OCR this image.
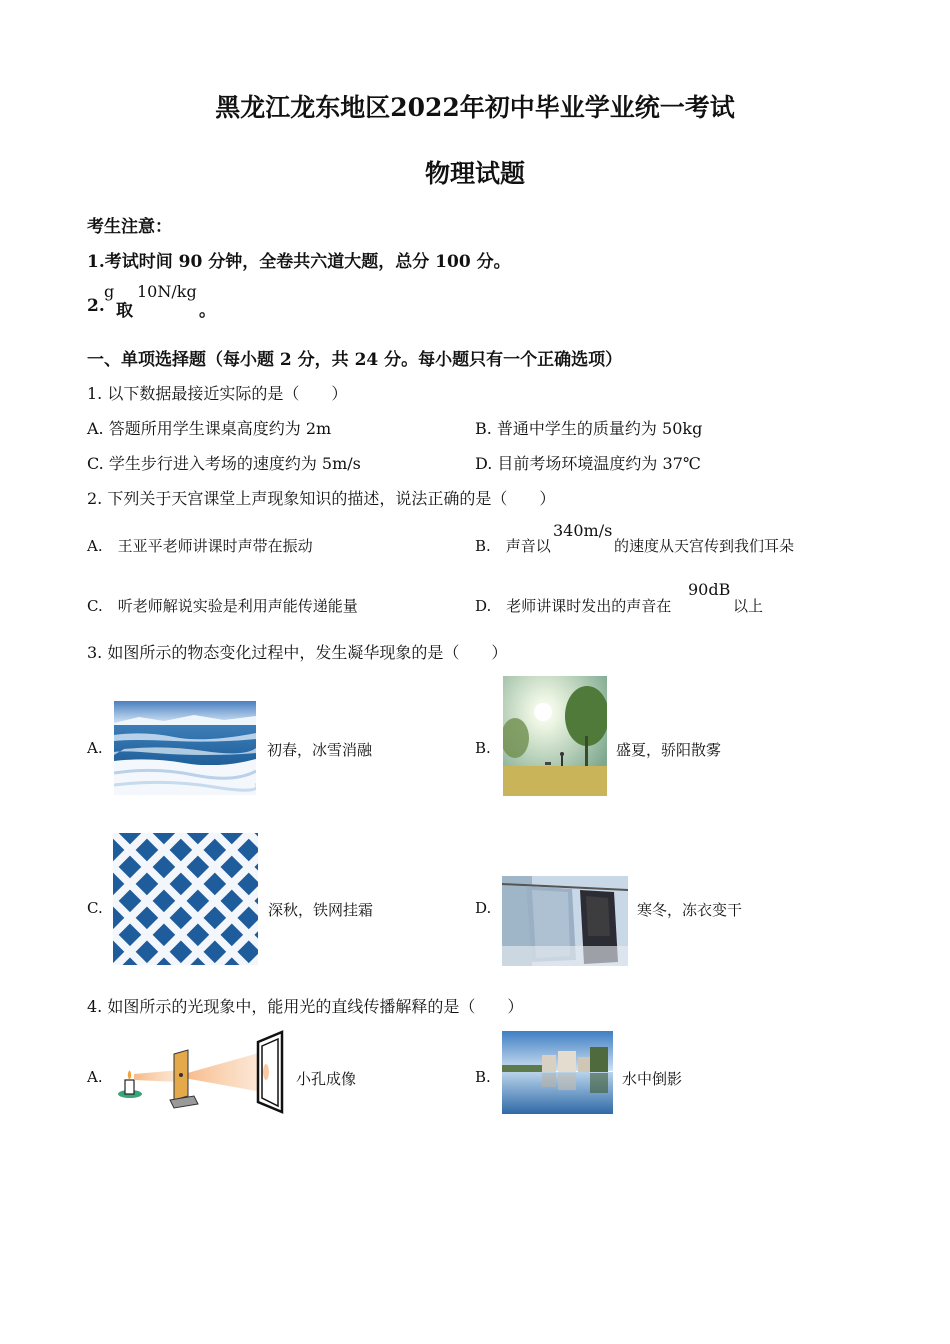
黑龙江龙东地区2022年初中毕业学业统一考试
物理试题
考生注意：
1.考试时间 90 分钟，全卷共六道大题，总分 100 分。
2.
g
取
10N/kg
。
一、单项选择题（每小题 2 分，共 24 分。每小题只有一个正确选项）
1. 以下数据最接近实际的是（　　）
A. 答题所用学生课桌高度约为 2m	B. 普通中学生的质量约为 50kg
C. 学生步行进入考场的速度约为 5m/s	D. 目前考场环境温度约为 37℃
2. 下列关于天宫课堂上声现象知识的描述，说法正确的是（　　）
A.　王亚平老师讲课时声带在振动	B.　声音以
340m/s
的速度从天宫传到我们耳朵
C.　听老师解说实验是利用声能传递能量	D.　老师讲课时发出的声音在
90dB
以上
3. 如图所示的物态变化过程中，发生凝华现象的是（　　）
A.	初春，冰雪消融	B.	盛夏，骄阳散雾
C.	深秋，铁网挂霜	D.	寒冬，冻衣变干
4. 如图所示的光现象中，能用光的直线传播解释的是（　　）
A.	小孔成像	B.	水中倒影
